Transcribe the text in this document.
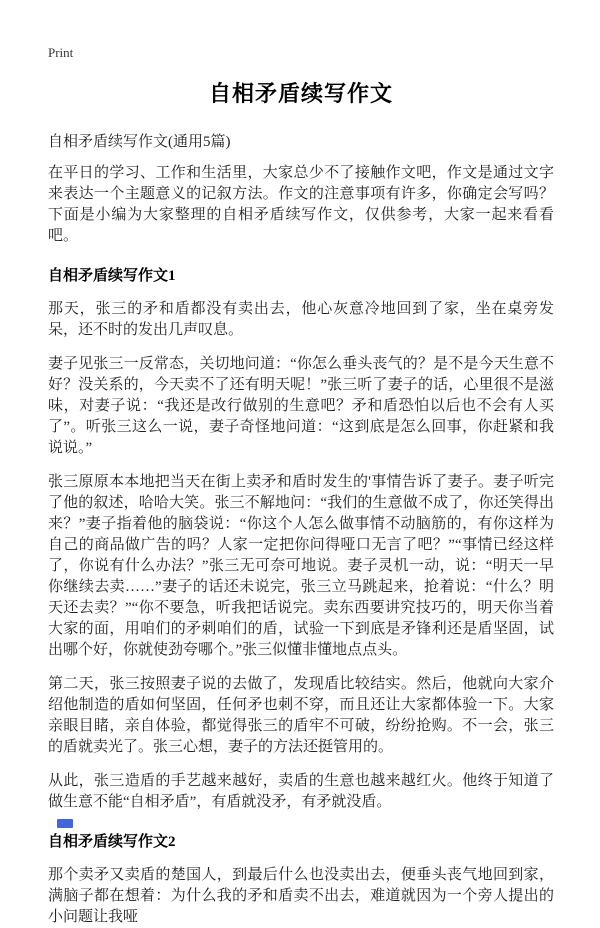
Print
自相矛盾续写作文
自相矛盾续写作文(通用5篇)

在平日的学习、工作和生活里，大家总少不了接触作文吧，作文是通过文字来表达一个主题意义的记叙方法。作文的注意事项有许多，你确定会写吗？下面是小编为大家整理的自相矛盾续写作文，仅供参考，大家一起来看看吧。

自相矛盾续写作文1

那天，张三的矛和盾都没有卖出去，他心灰意冷地回到了家，坐在桌旁发呆，还不时的发出几声叹息。

妻子见张三一反常态，关切地问道：“你怎么垂头丧气的？是不是今天生意不好？没关系的，今天卖不了还有明天呢！”张三听了妻子的话，心里很不是滋味，对妻子说：“我还是改行做别的生意吧？矛和盾恐怕以后也不会有人买了”。听张三这么一说，妻子奇怪地问道：“这到底是怎么回事，你赶紧和我说说。”

张三原原本本地把当天在街上卖矛和盾时发生的'事情告诉了妻子。妻子听完了他的叙述，哈哈大笑。张三不解地问：“我们的生意做不成了，你还笑得出来？”妻子指着他的脑袋说：“你这个人怎么做事情不动脑筋的，有你这样为自己的商品做广告的吗？人家一定把你问得哑口无言了吧？”“事情已经这样了，你说有什么办法？”张三无可奈可地说。妻子灵机一动，说：“明天一早你继续去卖……”妻子的话还未说完，张三立马跳起来，抢着说：“什么？明天还去卖？”“你不要急，听我把话说完。卖东西要讲究技巧的，明天你当着大家的面，用咱们的矛刺咱们的盾，试验一下到底是矛锋利还是盾坚固，试出哪个好，你就使劲夸哪个。”张三似懂非懂地点点头。

第二天，张三按照妻子说的去做了，发现盾比较结实。然后，他就向大家介绍他制造的盾如何坚固，任何矛也刺不穿，而且还让大家都体验一下。大家亲眼目睹，亲自体验，都觉得张三的盾牢不可破，纷纷抢购。不一会，张三的盾就卖光了。张三心想，妻子的方法还挺管用的。

从此，张三造盾的手艺越来越好，卖盾的生意也越来越红火。他终于知道了做生意不能“自相矛盾”，有盾就没矛，有矛就没盾。

自相矛盾续写作文2

那个卖矛又卖盾的楚国人，到最后什么也没卖出去，便垂头丧气地回到家，满脑子都在想着：为什么我的矛和盾卖不出去，难道就因为一个旁人提出的小问题让我哑
